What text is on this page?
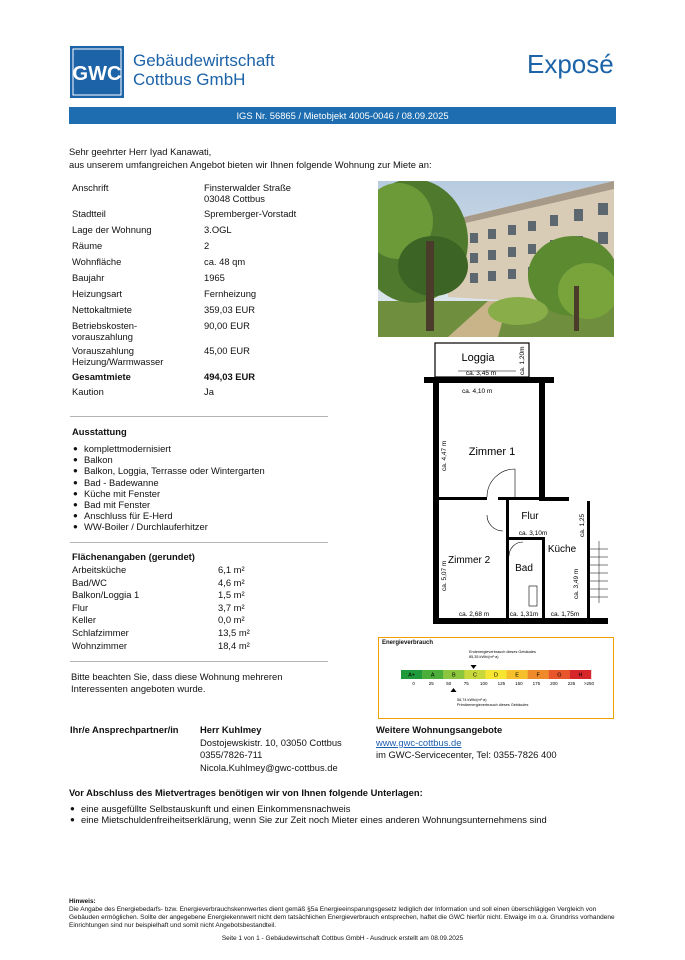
GWC
Gebäudewirtschaft
Cottbus GmbH
Exposé
IGS Nr. 56865 / Mietobjekt 4005-0046 / 08.09.2025
Sehr geehrter Herr Iyad Kanawati,
aus unserem umfangreichen Angebot bieten wir Ihnen folgende Wohnung zur Miete an:
Anschrift	Finsterwalder Straße
03048 Cottbus
Stadtteil	Spremberger-Vorstadt
Lage der Wohnung	3.OGL
Räume	2
Wohnfläche	ca. 48 qm
Baujahr	1965
Heizungsart	Fernheizung
Nettokaltmiete	359,03 EUR
Betriebskosten-
vorauszahlung
90,00 EUR
Vorauszahlung
Heizung/Warmwasser
45,00 EUR
Gesamtmiete	494,03 EUR
Kaution	Ja
Ausstattung
● komplettmodernisiert
● Balkon
● Balkon, Loggia, Terrasse oder Wintergarten
● Bad - Badewanne
● Küche mit Fenster
● Bad mit Fenster
● Anschluss für E-Herd
● WW-Boiler / Durchlauferhitzer
Flächenangaben (gerundet)
Arbeitsküche	6,1 m²
Bad/WC	4,6 m²
Balkon/Loggia 1	1,5 m²
Flur	3,7 m²
Keller	0,0 m²
Schlafzimmer	13,5 m²
Wohnzimmer	18,4 m²
Bitte beachten Sie, dass diese Wohnung mehreren
Interessenten angeboten wurde.
Loggia
ca. 3,45 m	ca. 1,20m
ca. 4,10 m
ca. 4,47 m Zimmer 1
Flur
ca. 3,10m	ca. 1,25
Küche
ca. 3,49 m
Zimmer 2
ca. 5,07 m	Bad
ca. 2,68 m	ca. 1,31m ca. 1,75m
Energieverbrauch
Endenergieverbrauch dieses Gebäudes
85,35 kWh/(m²·a)
A+	A	B	C	D	E	F	G	H
0	25	50	75	100 125 150 175 200 225 >250
56,74 kWh/(m²·a)
Primärenergieverbrauch dieses Gebäudes
Ihr/e Ansprechpartner/in Herr Kuhlmey
Dostojewskistr. 10, 03050 Cottbus
0355/7826-711
Nicola.Kuhlmey@gwc-cottbus.de
Weitere Wohnungsangebote
www.gwc-cottbus.de
im GWC-Servicecenter, Tel: 0355-7826 400
Vor Abschluss des Mietvertrages benötigen wir von Ihnen folgende Unterlagen:
● eine ausgefüllte Selbstauskunft und einen Einkommensnachweis
● eine Mietschuldenfreiheitserklärung, wenn Sie zur Zeit noch Mieter eines anderen Wohnungsunternehmens sind
Hinweis:
Die Angabe des Energiebedarfs- bzw. Energieverbrauchskennwertes dient gemäß §5a Energieeinsparungsgesetz lediglich der Information und soll einen überschlägigen Vergleich von Gebäuden ermöglichen. Sollte der angegebene Energiekennwert nicht dem tatsächlichen Energieverbrauch entsprechen, haftet die GWC hierfür nicht. Etwaige im o.a. Grundriss vorhandene Einrichtungen sind nur beispielhaft und somit nicht Angebotsbestandteil.
Seite 1 von 1 - Gebäudewirtschaft Cottbus GmbH - Ausdruck erstellt am 08.09.2025
